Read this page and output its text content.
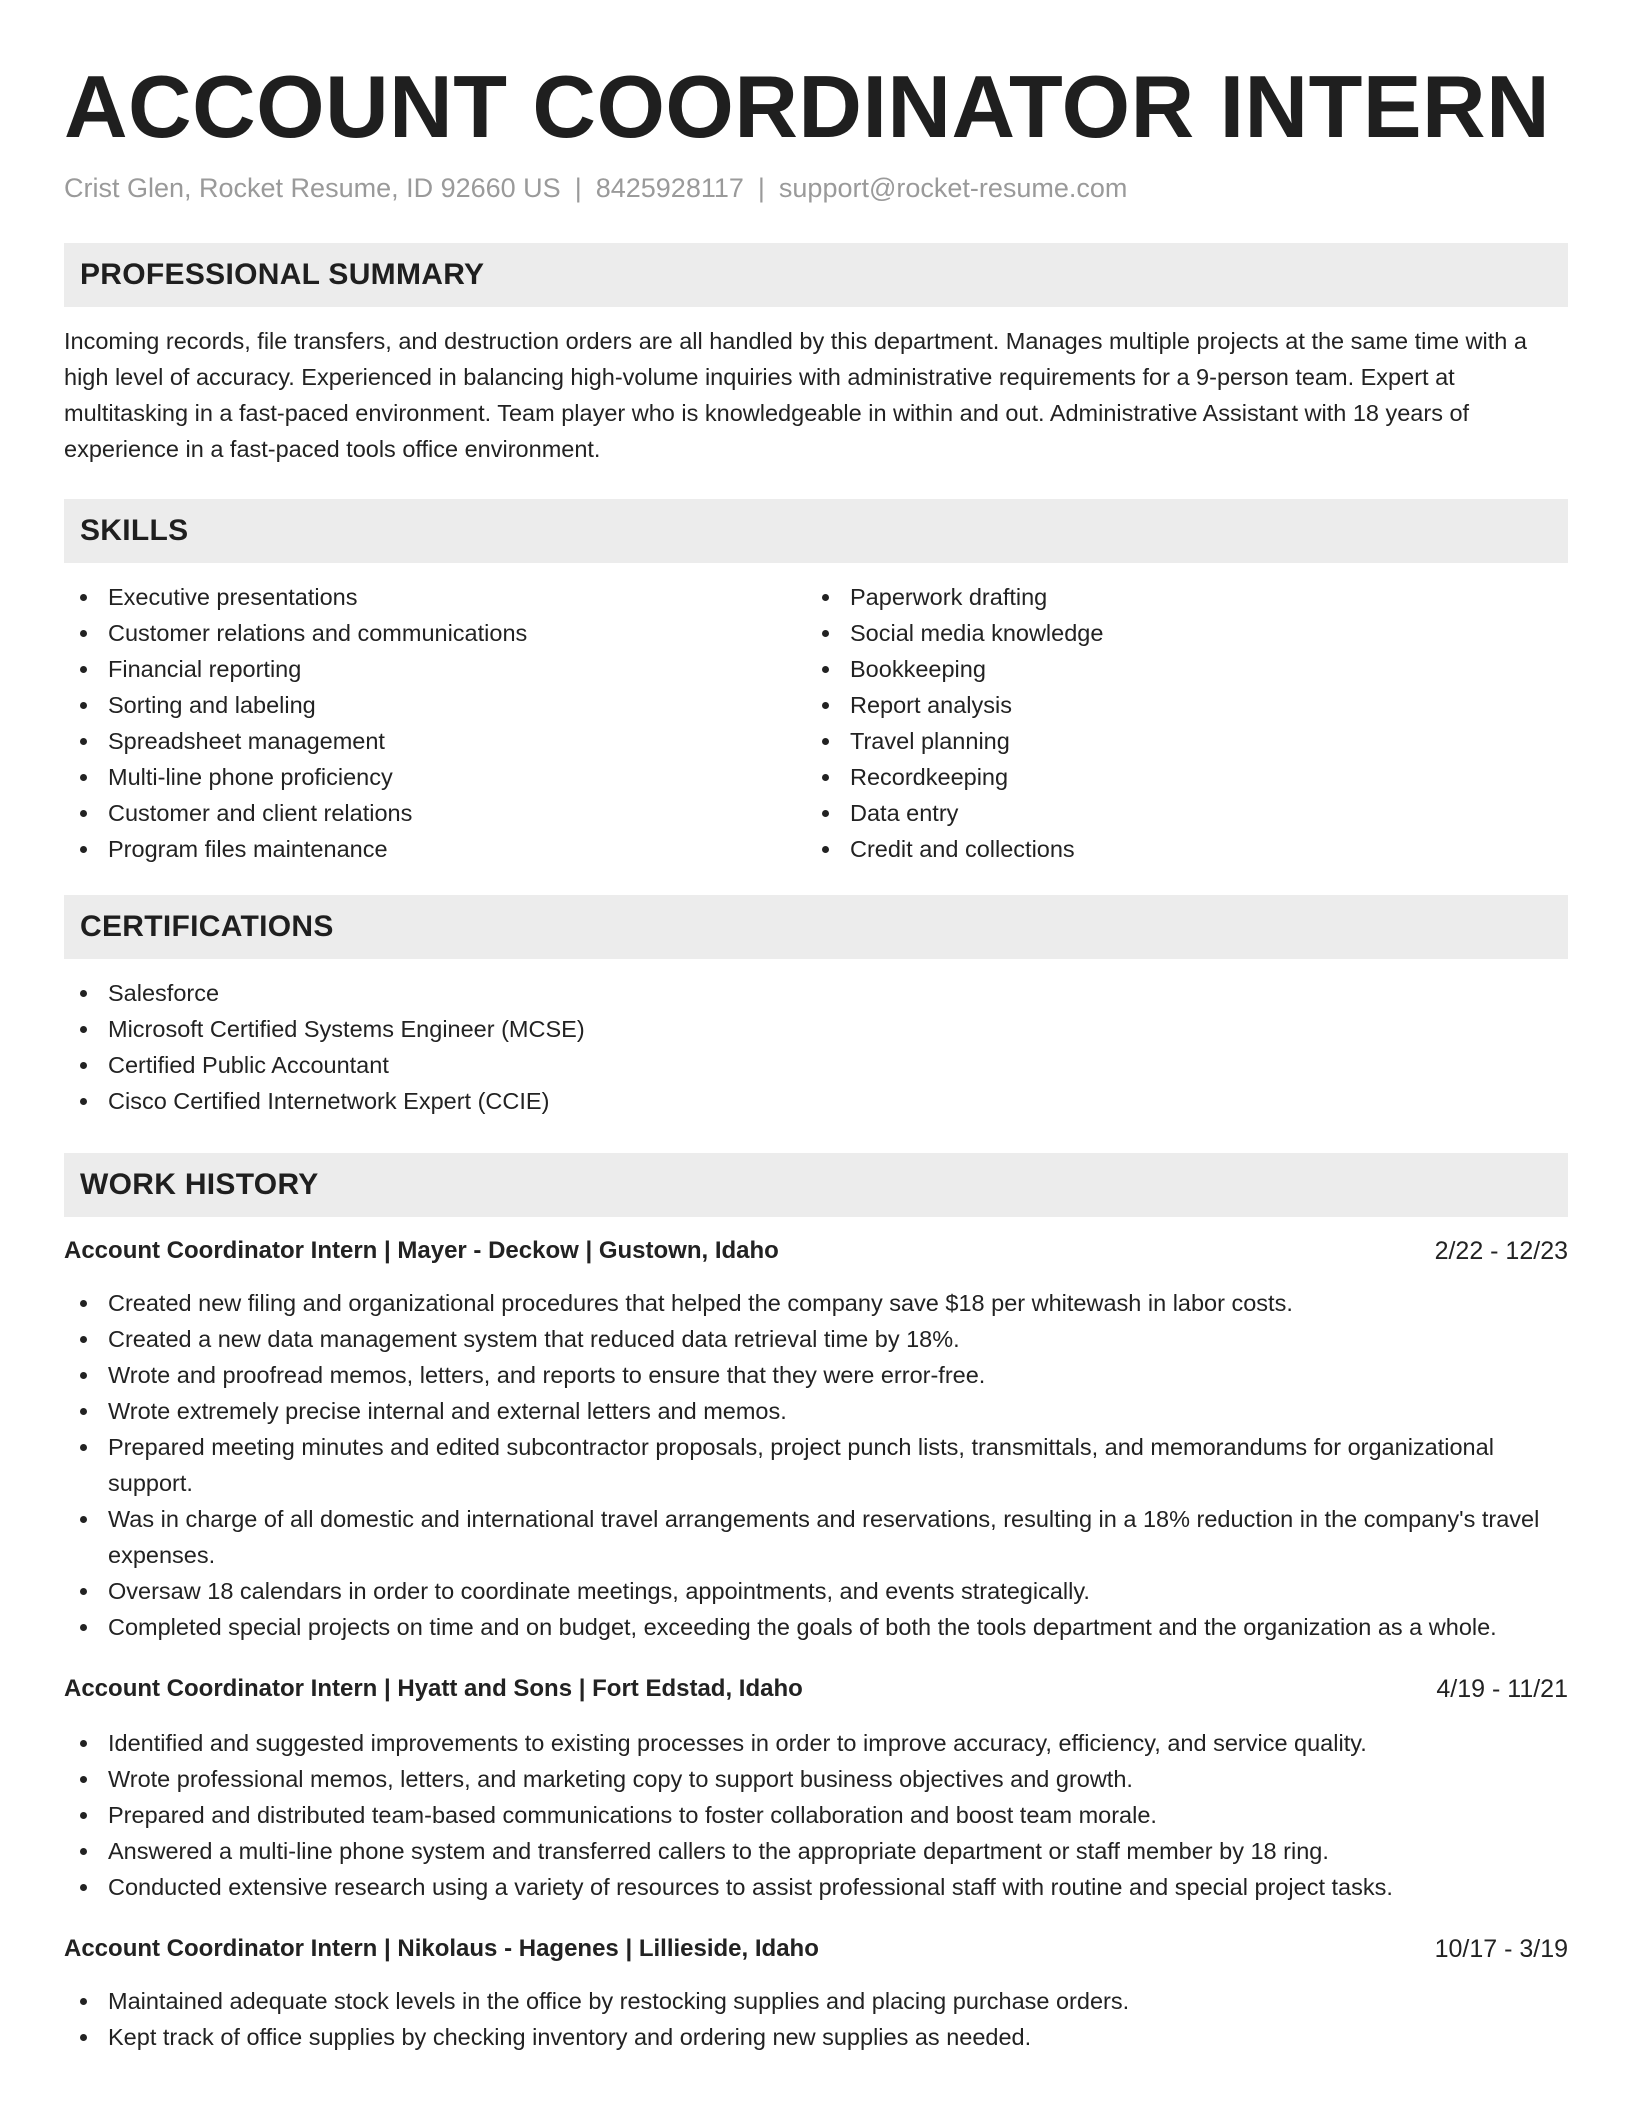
ACCOUNT COORDINATOR INTERN
Crist Glen, Rocket Resume, ID 92660 US | 8425928117 | support@rocket-resume.com
PROFESSIONAL SUMMARY

Incoming records, file transfers, and destruction orders are all handled by this department. Manages multiple projects at the same time with a high level of accuracy. Experienced in balancing high-volume inquiries with administrative requirements for a 9-person team. Expert at multitasking in a fast-paced environment. Team player who is knowledgeable in within and out. Administrative Assistant with 18 years of experience in a fast-paced tools office environment.

SKILLS
Executive presentations
Customer relations and communications
Financial reporting
Sorting and labeling
Spreadsheet management
Multi-line phone proficiency
Customer and client relations
Program files maintenance
Paperwork drafting
Social media knowledge
Bookkeeping
Report analysis
Travel planning
Recordkeeping
Data entry
Credit and collections
CERTIFICATIONS
Salesforce
Microsoft Certified Systems Engineer (MCSE)
Certified Public Accountant
Cisco Certified Internetwork Expert (CCIE)
WORK HISTORY
Account Coordinator Intern | Mayer - Deckow | Gustown, Idaho	2/22 - 12/23
Created new filing and organizational procedures that helped the company save $18 per whitewash in labor costs.
Created a new data management system that reduced data retrieval time by 18%.
Wrote and proofread memos, letters, and reports to ensure that they were error-free.
Wrote extremely precise internal and external letters and memos.
Prepared meeting minutes and edited subcontractor proposals, project punch lists, transmittals, and memorandums for organizational support.
Was in charge of all domestic and international travel arrangements and reservations, resulting in a 18% reduction in the company's travel expenses.
Oversaw 18 calendars in order to coordinate meetings, appointments, and events strategically.
Completed special projects on time and on budget, exceeding the goals of both the tools department and the organization as a whole.
Account Coordinator Intern | Hyatt and Sons | Fort Edstad, Idaho	4/19 - 11/21
Identified and suggested improvements to existing processes in order to improve accuracy, efficiency, and service quality.
Wrote professional memos, letters, and marketing copy to support business objectives and growth.
Prepared and distributed team-based communications to foster collaboration and boost team morale.
Answered a multi-line phone system and transferred callers to the appropriate department or staff member by 18 ring.
Conducted extensive research using a variety of resources to assist professional staff with routine and special project tasks.
Account Coordinator Intern | Nikolaus - Hagenes | Lillieside, Idaho	10/17 - 3/19
Maintained adequate stock levels in the office by restocking supplies and placing purchase orders.
Kept track of office supplies by checking inventory and ordering new supplies as needed.
